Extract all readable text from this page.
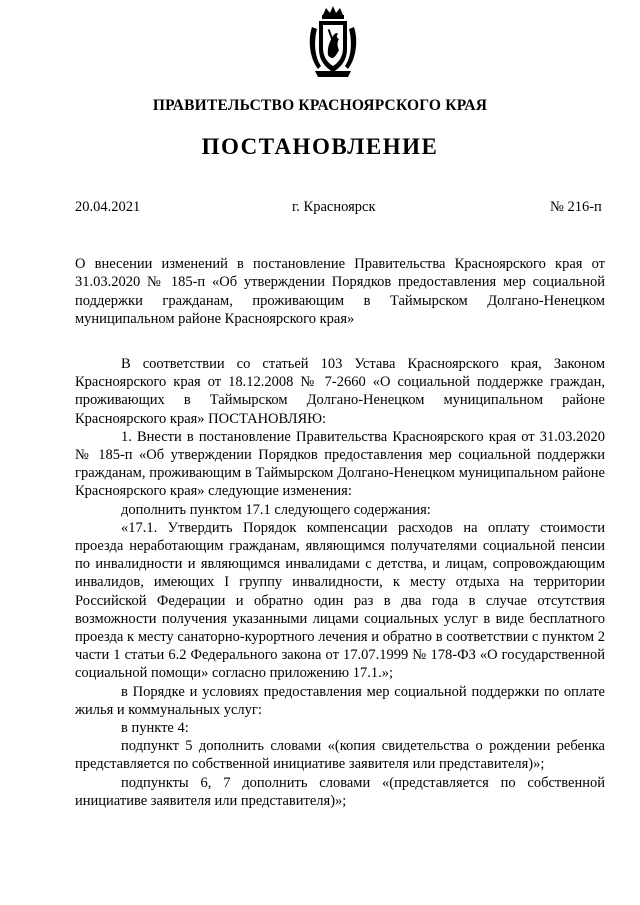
ПРАВИТЕЛЬСТВО КРАСНОЯРСКОГО КРАЯ
ПОСТАНОВЛЕНИЕ
20.04.2021	г. Красноярск	№ 216-п
О внесении изменений в постановление Правительства Красноярского края от 31.03.2020 № 185-п «Об утверждении Порядков предоставления мер социальной поддержки гражданам, проживающим в Таймырском Долгано-Ненецком муниципальном районе Красноярского края»

В соответствии со статьей 103 Устава Красноярского края, Законом Красноярского края от 18.12.2008 № 7-2660 «О социальной поддержке граждан, проживающих в Таймырском Долгано-Ненецком муниципальном районе Красноярского края» ПОСТАНОВЛЯЮ:

1. Внести в постановление Правительства Красноярского края от 31.03.2020 № 185-п «Об утверждении Порядков предоставления мер социальной поддержки гражданам, проживающим в Таймырском Долгано-Ненецком муниципальном районе Красноярского края» следующие изменения:

дополнить пунктом 17.1 следующего содержания:

«17.1. Утвердить Порядок компенсации расходов на оплату стоимости проезда неработающим гражданам, являющимся получателями социальной пенсии по инвалидности и являющимся инвалидами с детства, и лицам, сопровождающим инвалидов, имеющих I группу инвалидности, к месту отдыха на территории Российской Федерации и обратно один раз в два года в случае отсутствия возможности получения указанными лицами социальных услуг в виде бесплатного проезда к месту санаторно-курортного лечения и обратно в соответствии с пунктом 2 части 1 статьи 6.2 Федерального закона от 17.07.1999 № 178-ФЗ «О государственной социальной помощи» согласно приложению 17.1.»;

в Порядке и условиях предоставления мер социальной поддержки по оплате жилья и коммунальных услуг:

в пункте 4:

подпункт 5 дополнить словами «(копия свидетельства о рождении ребенка представляется по собственной инициативе заявителя или представителя)»;

подпункты 6, 7 дополнить словами «(представляется по собственной инициативе заявителя или представителя)»;
